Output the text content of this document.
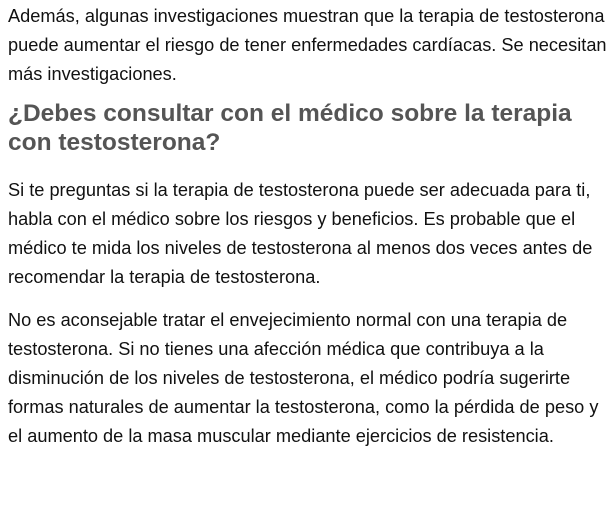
Además, algunas investigaciones muestran que la terapia de testosterona puede aumentar el riesgo de tener enfermedades cardíacas. Se necesitan más investigaciones.

¿Debes consultar con el médico sobre la terapia con testosterona?

Si te preguntas si la terapia de testosterona puede ser adecuada para ti, habla con el médico sobre los riesgos y beneficios. Es probable que el médico te mida los niveles de testosterona al menos dos veces antes de recomendar la terapia de testosterona.

No es aconsejable tratar el envejecimiento normal con una terapia de testosterona. Si no tienes una afección médica que contribuya a la disminución de los niveles de testosterona, el médico podría sugerirte formas naturales de aumentar la testosterona, como la pérdida de peso y el aumento de la masa muscular mediante ejercicios de resistencia.
